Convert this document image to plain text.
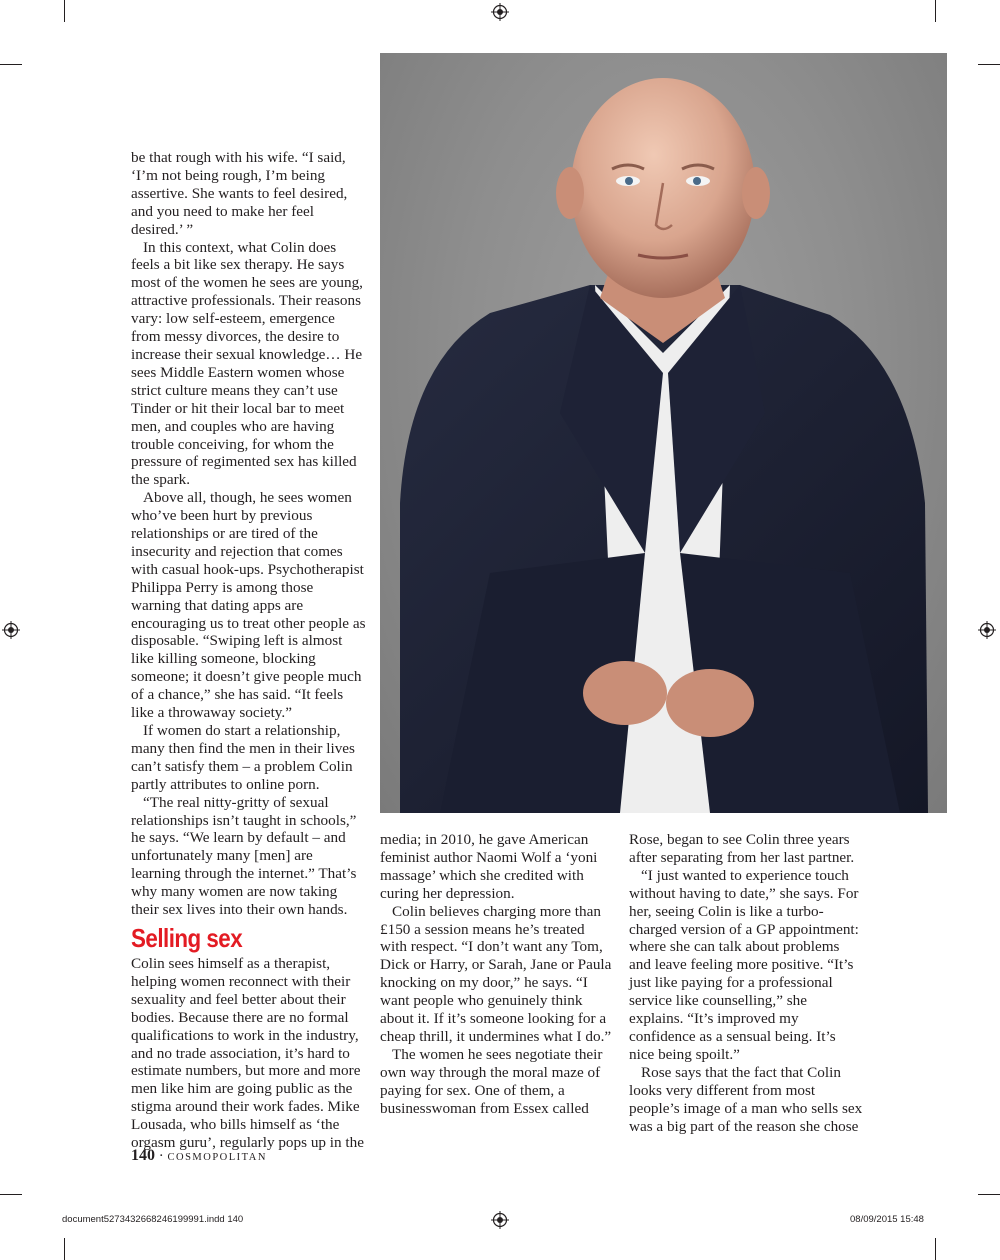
be that rough with his wife. “I said, ‘I’m not being rough, I’m being assertive. She wants to feel desired, and you need to make her feel desired.’ ”

In this context, what Colin does feels a bit like sex therapy. He says most of the women he sees are young, attractive professionals. Their reasons vary: low self-esteem, emergence from messy divorces, the desire to increase their sexual knowledge… He sees Middle Eastern women whose strict culture means they can’t use Tinder or hit their local bar to meet men, and couples who are having trouble conceiving, for whom the pressure of regimented sex has killed the spark.

Above all, though, he sees women who’ve been hurt by previous relationships or are tired of the insecurity and rejection that comes with casual hook-ups. Psychotherapist Philippa Perry is among those warning that dating apps are encouraging us to treat other people as disposable. “Swiping left is almost like killing someone, blocking someone; it doesn’t give people much of a chance,” she has said. “It feels like a throwaway society.”

If women do start a relationship, many then find the men in their lives can’t satisfy them – a problem Colin partly attributes to online porn.

“The real nitty-gritty of sexual relationships isn’t taught in schools,” he says. “We learn by default – and unfortunately many [men] are learning through the internet.” That’s why many women are now taking their sex lives into their own hands.

Selling sex

Colin sees himself as a therapist, helping women reconnect with their sexuality and feel better about their bodies. Because there are no formal qualifications to work in the industry, and no trade association, it’s hard to estimate numbers, but more and more men like him are going public as the stigma around their work fades. Mike Lousada, who bills himself as ‘the orgasm guru’, regularly pops up in the

media; in 2010, he gave American feminist author Naomi Wolf a ‘yoni massage’ which she credited with curing her depression.

Colin believes charging more than £150 a session means he’s treated with respect. “I don’t want any Tom, Dick or Harry, or Sarah, Jane or Paula knocking on my door,” he says. “I want people who genuinely think about it. If it’s someone looking for a cheap thrill, it undermines what I do.”

The women he sees negotiate their own way through the moral maze of paying for sex. One of them, a businesswoman from Essex called

Rose, began to see Colin three years after separating from her last partner.

“I just wanted to experience touch without having to date,” she says. For her, seeing Colin is like a turbo-charged version of a GP appointment: where she can talk about problems and leave feeling more positive. “It’s just like paying for a professional service like counselling,” she explains. “It’s improved my confidence as a sensual being. It’s nice being spoilt.”

Rose says that the fact that Colin looks very different from most people’s image of a man who sells sex was a big part of the reason she chose

140 · COSMOPOLITAN
document5273432668246199991.indd 140	08/09/2015 15:48
